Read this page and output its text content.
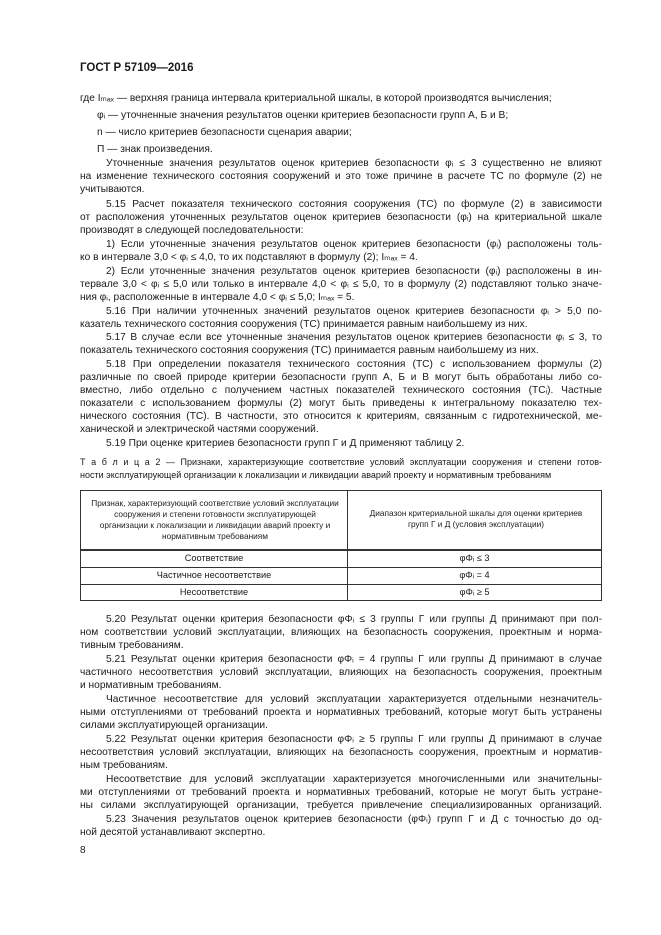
ГОСТ Р 57109—2016
где Iₘₐₓ — верхняя граница интервала критериальной шкалы, в которой производятся вычисления;
φᵢ — уточненные значения результатов оценки критериев безопасности групп А, Б и В;
n — число критериев безопасности сценария аварии;
Π — знак произведения.
Уточненные значения результатов оценок критериев безопасности φᵢ ≤ 3 существенно не влияют
на изменение технического состояния сооружений и это тоже причине в расчете ТС по формуле (2) не
учитываются.
5.15 Расчет показателя технического состояния сооружения (ТС) по формуле (2) в зависимости
от расположения уточненных результатов оценок критериев безопасности (φᵢ) на критериальной шкале
производят в следующей последовательности:
1) Если уточненные значения результатов оценок критериев безопасности (φᵢ) расположены толь-
ко в интервале 3,0 < φᵢ ≤ 4,0, то их подставляют в формулу (2); Iₘₐₓ = 4.
2) Если уточненные значения результатов оценок критериев безопасности (φᵢ) расположены в ин-
тервале 3,0 < φᵢ ≤ 5,0 или только в интервале 4,0 < φᵢ ≤ 5,0, то в формулу (2) подставляют только значе-
ния φᵢ, расположенные в интервале 4,0 < φᵢ ≤ 5,0; Iₘₐₓ = 5.
5.16 При наличии уточненных значений результатов оценок критериев безопасности φᵢ > 5,0 по-
казатель технического состояния сооружения (ТС) принимается равным наибольшему из них.
5.17 В случае если все уточненные значения результатов оценок критериев безопасности φᵢ ≤ 3, то
показатель технического состояния сооружения (ТС) принимается равным наибольшему из них.
5.18 При определении показателя технического состояния (ТС) с использованием формулы (2)
различные по своей природе критерии безопасности групп А, Б и В могут быть обработаны либо со-
вместно, либо отдельно с получением частных показателей технического состояния (ТСᵢ). Частные
показатели с использованием формулы (2) могут быть приведены к интегральному показателю тех-
нического состояния (ТС). В частности, это относится к критериям, связанным с гидротехнической, ме-
ханической и электрической частями сооружений.
5.19 При оценке критериев безопасности групп Г и Д применяют таблицу 2.
Т а б л и ц а 2 — Признаки, характеризующие соответствие условий эксплуатации сооружения и степени готов-
ности эксплуатирующей организации к локализации и ликвидации аварий проекту и нормативным требованиям
Признак, характеризующий соответствие условий эксплуатации сооружения и степени готовности эксплуатирующей организации к локализации и ликвидации аварий проекту и нормативным требованиям
Диапазон критериальной шкалы для оценки критериев групп Г и Д (условия эксплуатации)
Соответствие	φΦᵢ ≤ 3
Частичное несоответствие	φΦᵢ = 4
Несоответствие	φΦᵢ ≥ 5
5.20 Результат оценки критерия безопасности φΦᵢ ≤ 3 группы Г или группы Д принимают при пол-
ном соответствии условий эксплуатации, влияющих на безопасность сооружения, проектным и норма-
тивным требованиям.
5.21 Результат оценки критерия безопасности φΦᵢ = 4 группы Г или группы Д принимают в случае
частичного несоответствия условий эксплуатации, влияющих на безопасность сооружения, проектным
и нормативным требованиям.
Частичное несоответствие для условий эксплуатации характеризуется отдельными незначитель-
ными отступлениями от требований проекта и нормативных требований, которые могут быть устранены
силами эксплуатирующей организации.
5.22 Результат оценки критерия безопасности φΦᵢ ≥ 5 группы Г или группы Д принимают в случае
несоответствия условий эксплуатации, влияющих на безопасность сооружения, проектным и норматив-
ным требованиям.
Несоответствие для условий эксплуатации характеризуется многочисленными или значительны-
ми отступлениями от требований проекта и нормативных требований, которые не могут быть устране-
ны силами эксплуатирующей организации, требуется привлечение специализированных организаций.
5.23 Значения результатов оценок критериев безопасности (φΦᵢ) групп Г и Д с точностью до од-
ной десятой устанавливают экспертно.
8
